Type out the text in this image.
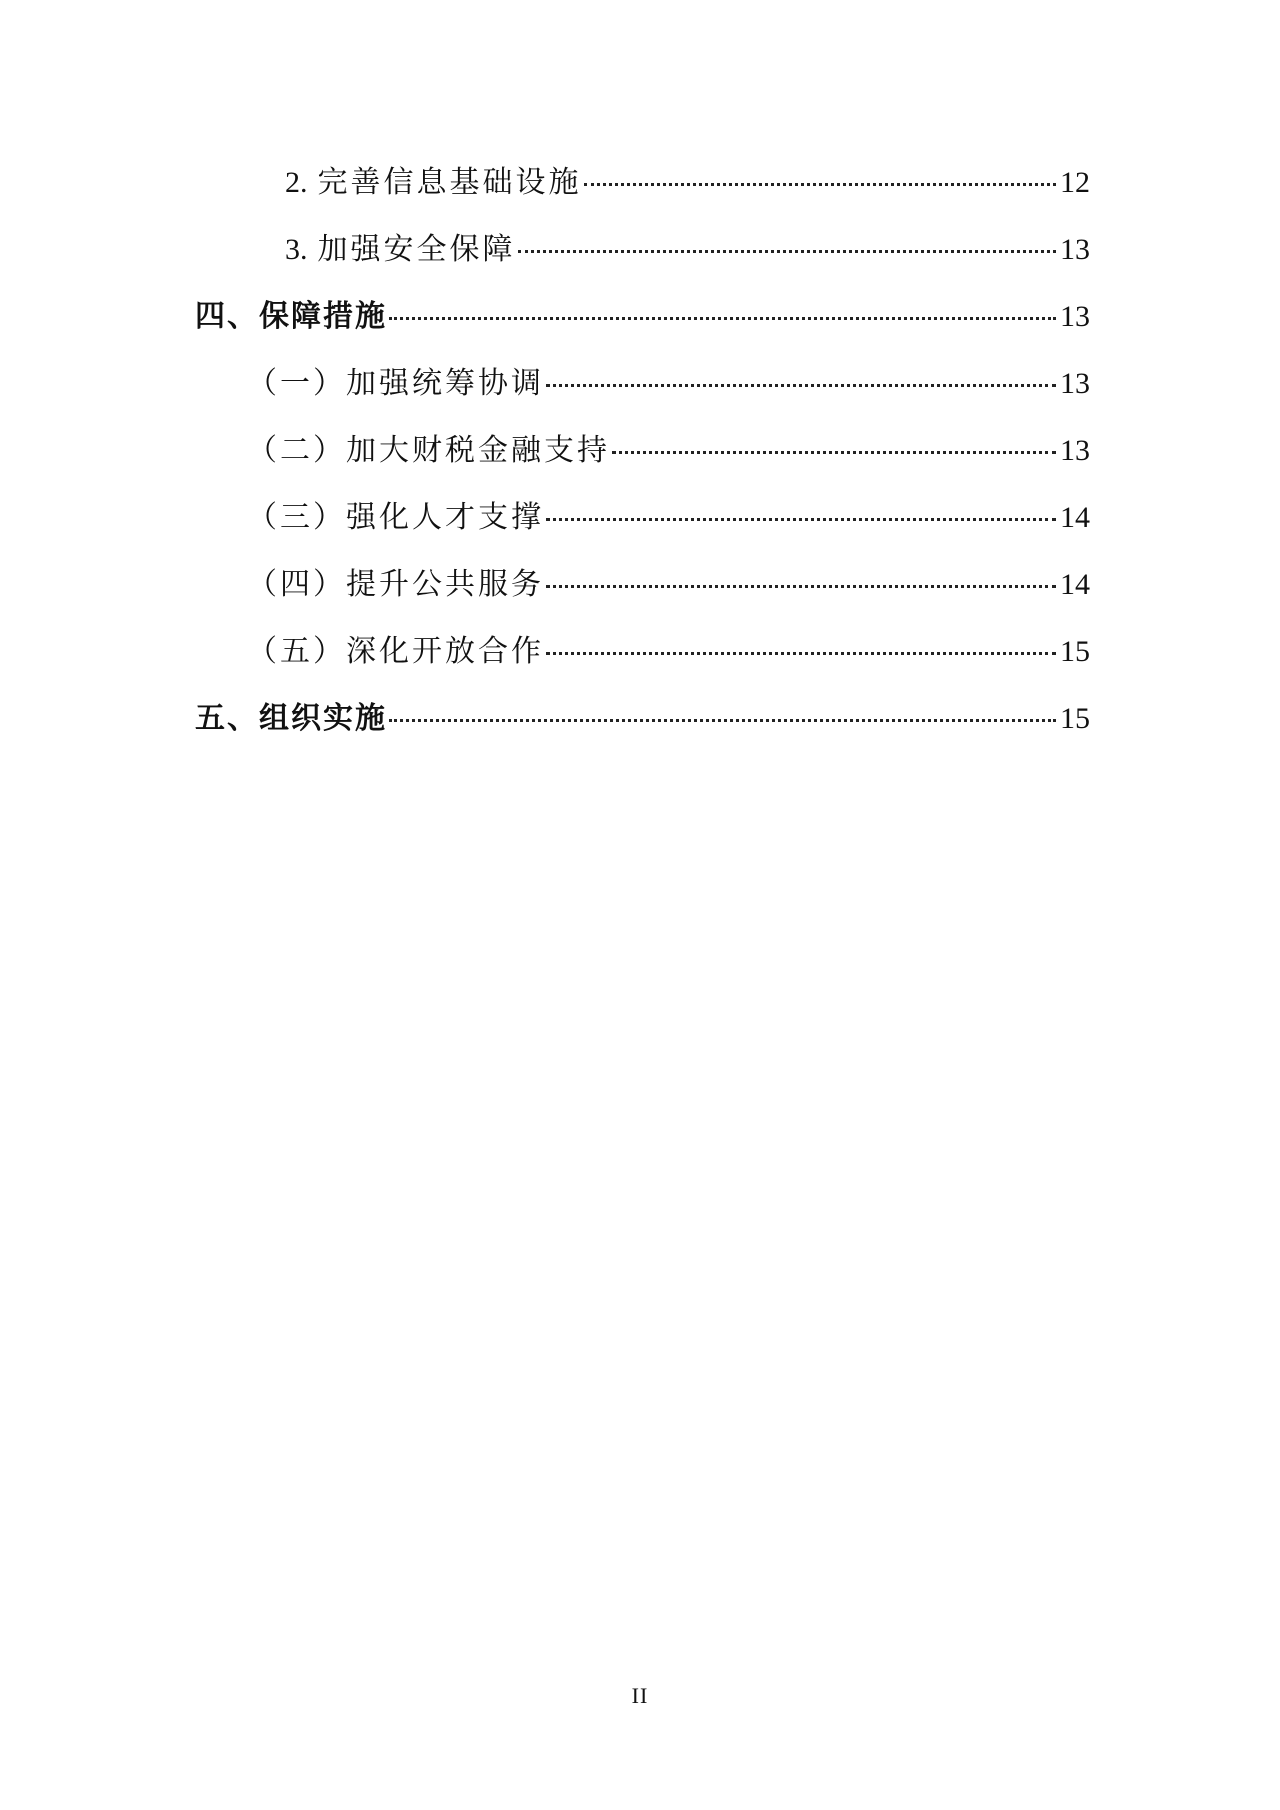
2. 完善信息基础设施	12
3. 加强安全保障	13
四、保障措施	13
（一）加强统筹协调	13
（二）加大财税金融支持	13
（三）强化人才支撑	14
（四）提升公共服务	14
（五）深化开放合作	15
五、组织实施	15
II
